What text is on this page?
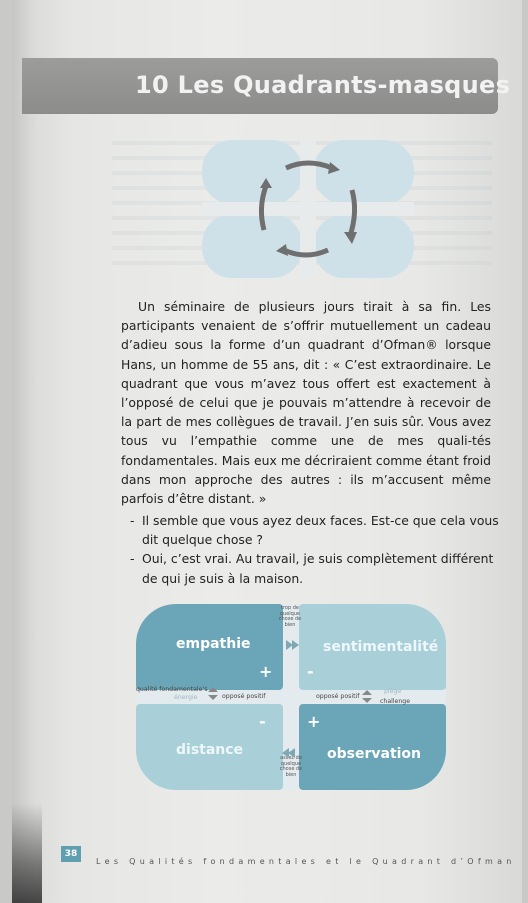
10 Les Quadrants-masques

Un séminaire de plusieurs jours tirait à sa fin. Les participants venaient de s’offrir mutuellement un cadeau d’adieu sous la forme d’un quadrant d’Ofman® lorsque Hans, un homme de 55 ans, dit : « C’est extraordinaire. Le quadrant que vous m’avez tous offert est exactement à l’opposé de celui que je pouvais m’attendre à recevoir de la part de mes collègues de travail. J’en suis sûr. Vous avez tous vu l’empathie comme une de mes quali-tés fondamentales. Mais eux me décriraient comme étant froid dans mon approche des autres : ils m’accusent même parfois d’être distant. »

- Il semble que vous ayez deux faces. Est-ce que cela vous dit quelque chose ?
- Oui, c’est vrai. Au travail, je suis complètement différent de qui je suis à la maison.
empathie	sentimentalité
distance	observation
+ -
+
-
trop de quelque chose de bien
assez de quelque chose de bien
qualité fondamentale’s
énergie	opposé positif	opposé positif
piège
challenge
38
Les Qualités fondamentales et le Quadrant d’Ofman
